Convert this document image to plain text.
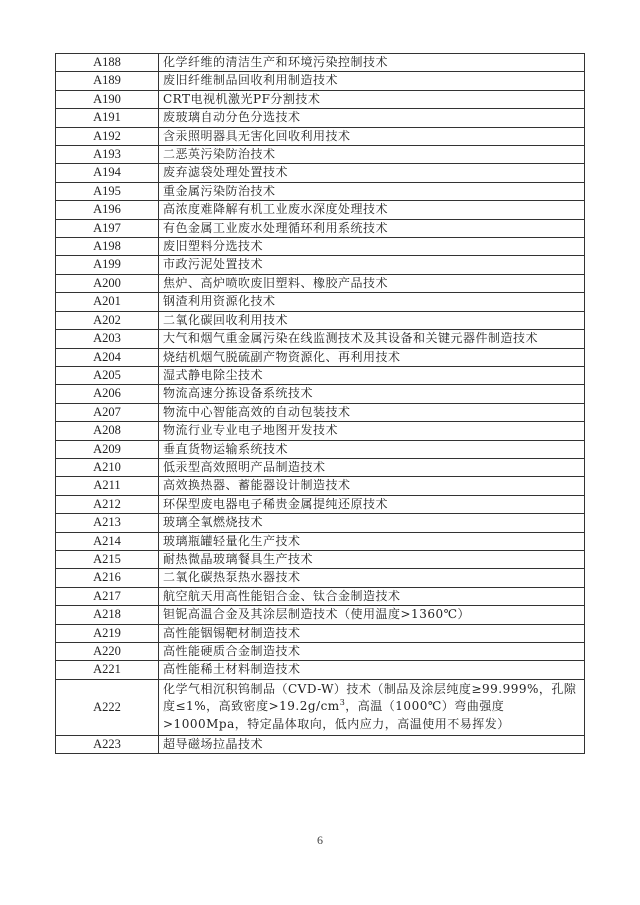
A188	化学纤维的清洁生产和环境污染控制技术
A189	废旧纤维制品回收利用制造技术
A190	CRT电视机激光PF分割技术
A191	废玻璃自动分色分选技术
A192	含汞照明器具无害化回收利用技术
A193	二恶英污染防治技术
A194	废弃滤袋处理处置技术
A195	重金属污染防治技术
A196	高浓度难降解有机工业废水深度处理技术
A197	有色金属工业废水处理循环利用系统技术
A198	废旧塑料分选技术
A199	市政污泥处置技术
A200	焦炉、高炉喷吹废旧塑料、橡胶产品技术
A201	钢渣利用资源化技术
A202	二氧化碳回收利用技术
A203	大气和烟气重金属污染在线监测技术及其设备和关键元器件制造技术
A204	烧结机烟气脱硫副产物资源化、再利用技术
A205	湿式静电除尘技术
A206	物流高速分拣设备系统技术
A207	物流中心智能高效的自动包装技术
A208	物流行业专业电子地图开发技术
A209	垂直货物运输系统技术
A210	低汞型高效照明产品制造技术
A211	高效换热器、蓄能器设计制造技术
A212	环保型废电器电子稀贵金属提纯还原技术
A213	玻璃全氧燃烧技术
A214	玻璃瓶罐轻量化生产技术
A215	耐热微晶玻璃餐具生产技术
A216	二氧化碳热泵热水器技术
A217	航空航天用高性能铝合金、钛合金制造技术
A218	钽铌高温合金及其涂层制造技术（使用温度>1360℃）
A219	高性能铟锡靶材制造技术
A220	高性能硬质合金制造技术
A221	高性能稀土材料制造技术
A222	化学气相沉积钨制品（CVD-W）技术（制品及涂层纯度≥99.999%，孔隙度≤1%，高致密度$>19.2g/cm^3$，高温（1000℃）弯曲强度>1000Mpa，特定晶体取向，低内应力，高温使用不易挥发）
A223	超导磁场拉晶技术
6
